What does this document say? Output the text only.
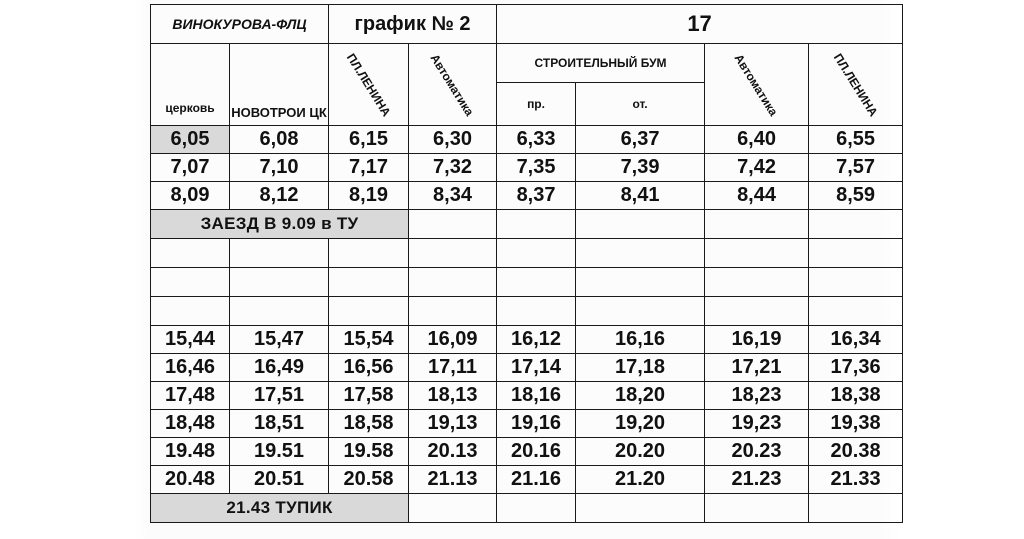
ВИНОКУРОВА-ФЛЦ		график № 2		17			
церковь	НОВОТРОИ ЦК	ПЛ.ЛЕНИНА	Автоматика	СТРОИТЕЛЬНЫЙ БУМ		Автоматика	ПЛ.ЛЕНИНА
				пр.	от.		
6,05	6,08	6,15	6,30	6,33	6,37	6,40	6,55
7,07	7,10	7,17	7,32	7,35	7,39	7,42	7,57
8,09	8,12	8,19	8,34	8,37	8,41	8,44	8,59
ЗАЕЗД В 9.09 в ТУ							

15,44	15,47	15,54	16,09	16,12	16,16	16,19	16,34
16,46	16,49	16,56	17,11	17,14	17,18	17,21	17,36
17,48	17,51	17,58	18,13	18,16	18,20	18,23	18,38
18,48	18,51	18,58	19,13	19,16	19,20	19,23	19,38
19.48	19.51	19.58	20.13	20.16	20.20	20.23	20.38
20.48	20.51	20.58	21.13	21.16	21.20	21.23	21.33
21.43 ТУПИК							
